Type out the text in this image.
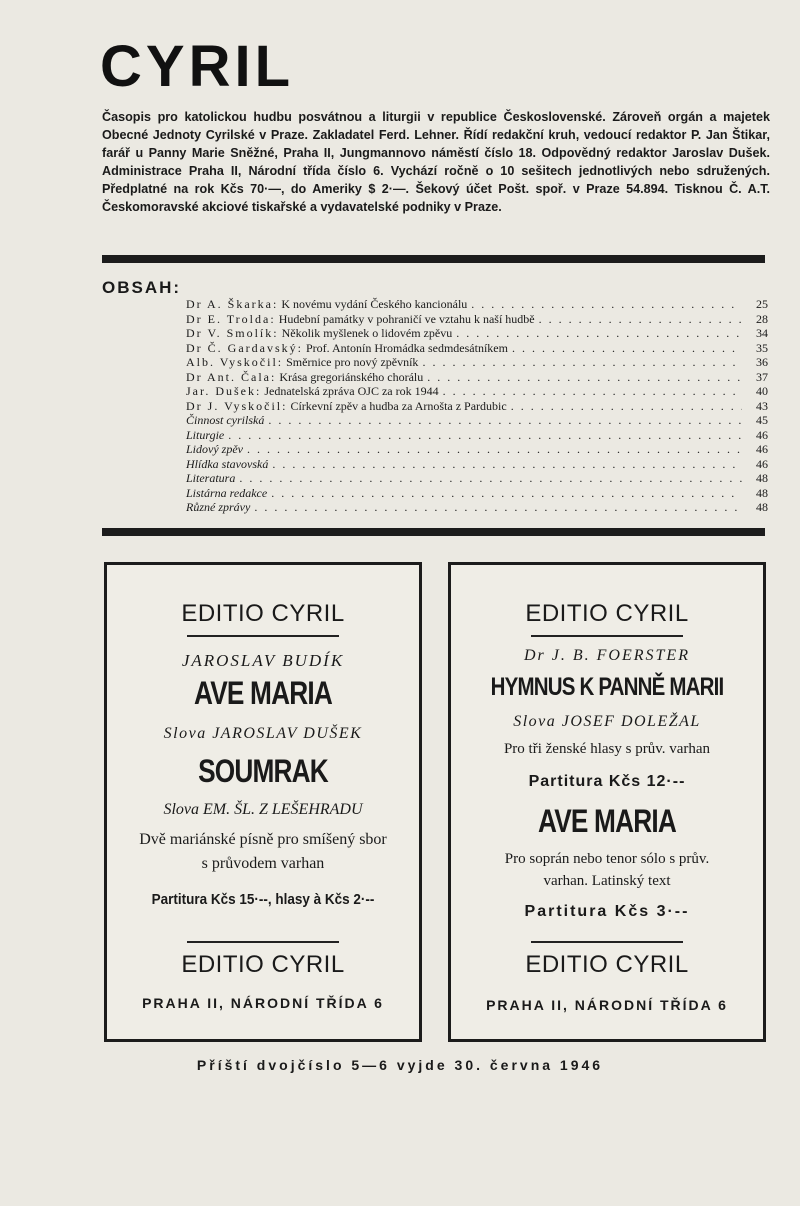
CYRIL

Časopis pro katolickou hudbu posvátnou a liturgii v republice Československé. Zároveň orgán a majetek Obecné Jednoty Cyrilské v Praze. Zakladatel Ferd. Lehner. Řídí redakční kruh, vedoucí redaktor P. Jan Štikar, farář u Panny Marie Sněžné, Praha II, Jungmannovo náměstí číslo 18. Odpovědný redaktor Jaroslav Dušek. Administrace Praha II, Národní třída číslo 6. Vychází ročně o 10 sešitech jednotlivých nebo sdružených. Předplatné na rok Kčs 70·—, do Ameriky $ 2·—. Šekový účet Pošt. spoř. v Praze 54.894. Tisknou Č. A.T. Českomoravské akciové tiskařské a vydavatelské podniky v Praze.

OBSAH:
Dr A. Škarka: K novému vydání Českého kancionálu . . .	25
Dr E. Trolda: Hudební památky v pohraničí ve vztahu k naší hudbě . . .	28
Dr V. Smolík: Několik myšlenek o lidovém zpěvu . . .	34
Dr Č. Gardavský: Prof. Antonín Hromádka sedmdesátníkem . . .	35
Alb. Vyskočil: Směrnice pro nový zpěvník . . .	36
Dr Ant. Čala: Krása gregoriánského chorálu . . .	37
Jar. Dušek: Jednatelská zpráva OJC za rok 1944 . . .	40
Dr J. Vyskočil: Církevní zpěv a hudba za Arnošta z Pardubic . . .	43
Činnost cyrilská . . .	45
Liturgie . . .	46
Lidový zpěv . . .	46
Hlídka stavovská . . .	46
Literatura . . .	48
Listárna redakce . . .	48
Různé zprávy . . .	48
EDITIO CYRIL
JAROSLAV BUDÍK
AVE MARIA
Slova JAROSLAV DUŠEK
SOUMRAK
Slova EM. ŠL. Z LEŠEHRADU
Dvě mariánské písně pro smíšený sbor
s průvodem varhan
Partitura Kčs 15·--, hlasy à Kčs 2·--
EDITIO CYRIL
PRAHA II, NÁRODNÍ TŘÍDA 6
EDITIO CYRIL
Dr J. B. FOERSTER
HYMNUS K PANNĚ MARII
Slova JOSEF DOLEŽAL
Pro tři ženské hlasy s prův. varhan
Partitura Kčs 12·--
AVE MARIA
Pro soprán nebo tenor sólo s prův.
varhan. Latinský text
Partitura Kčs 3·--
EDITIO CYRIL
PRAHA II, NÁRODNÍ TŘÍDA 6

Příští dvojčíslo 5—6 vyjde 30. června 1946
